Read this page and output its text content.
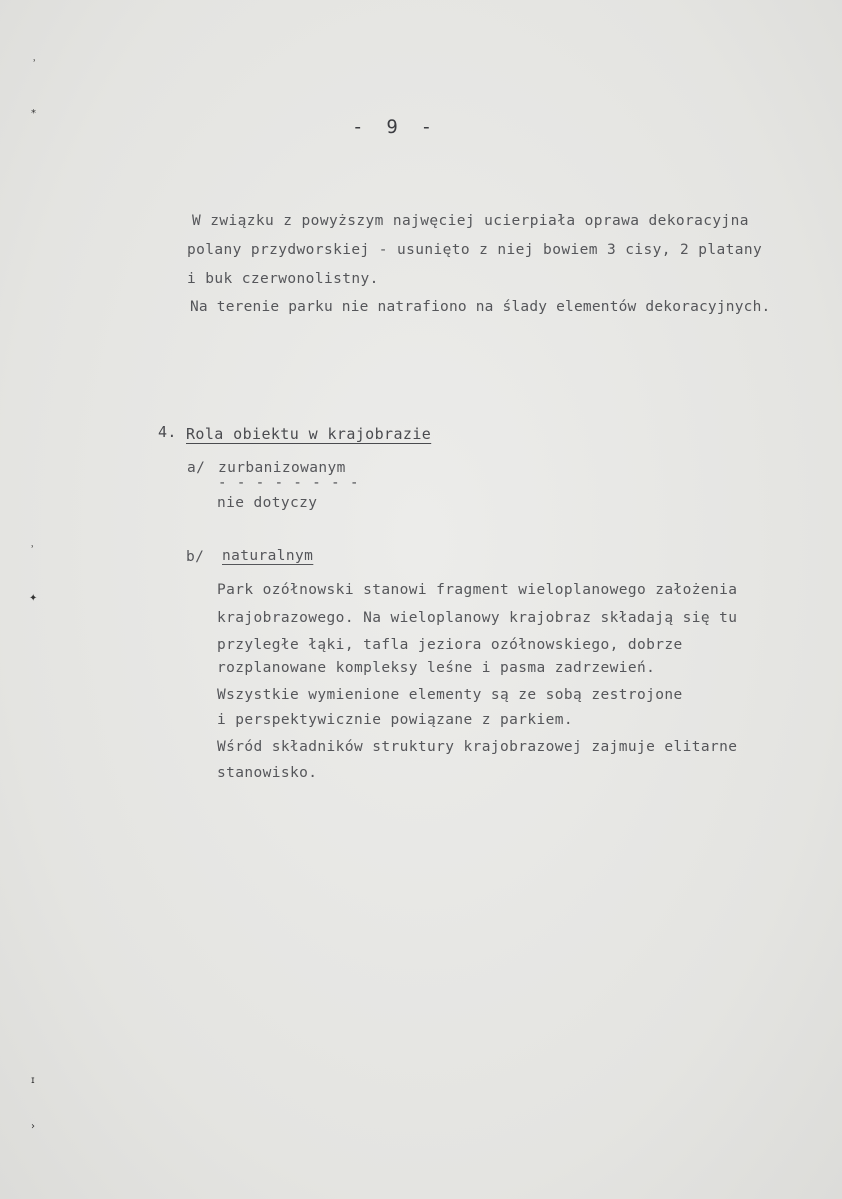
˒
⁎
˒
✦
ɪ
›
-  9  -
W związku z powyższym najwęciej ucierpiała oprawa dekoracyjna
polany przydworskiej - usunięto z niej bowiem 3 cisy, 2 platany
i buk czerwonolistny.
Na terenie parku nie natrafiono na ślady elementów dekoracyjnych.
4. Rola obiektu w krajobrazie
a/ zurbanizowanym
- - - - - - - -
nie dotyczy
b/ naturalnym
Park ozółnowski stanowi fragment wieloplanowego założenia
krajobrazowego. Na wieloplanowy krajobraz składają się tu
przyległe łąki, tafla jeziora ozółnowskiego, dobrze
rozplanowane kompleksy leśne i pasma zadrzewień.
Wszystkie wymienione elementy są ze sobą zestrojone
i perspektywicznie powiązane z parkiem.
Wśród składników struktury krajobrazowej zajmuje elitarne
stanowisko.
